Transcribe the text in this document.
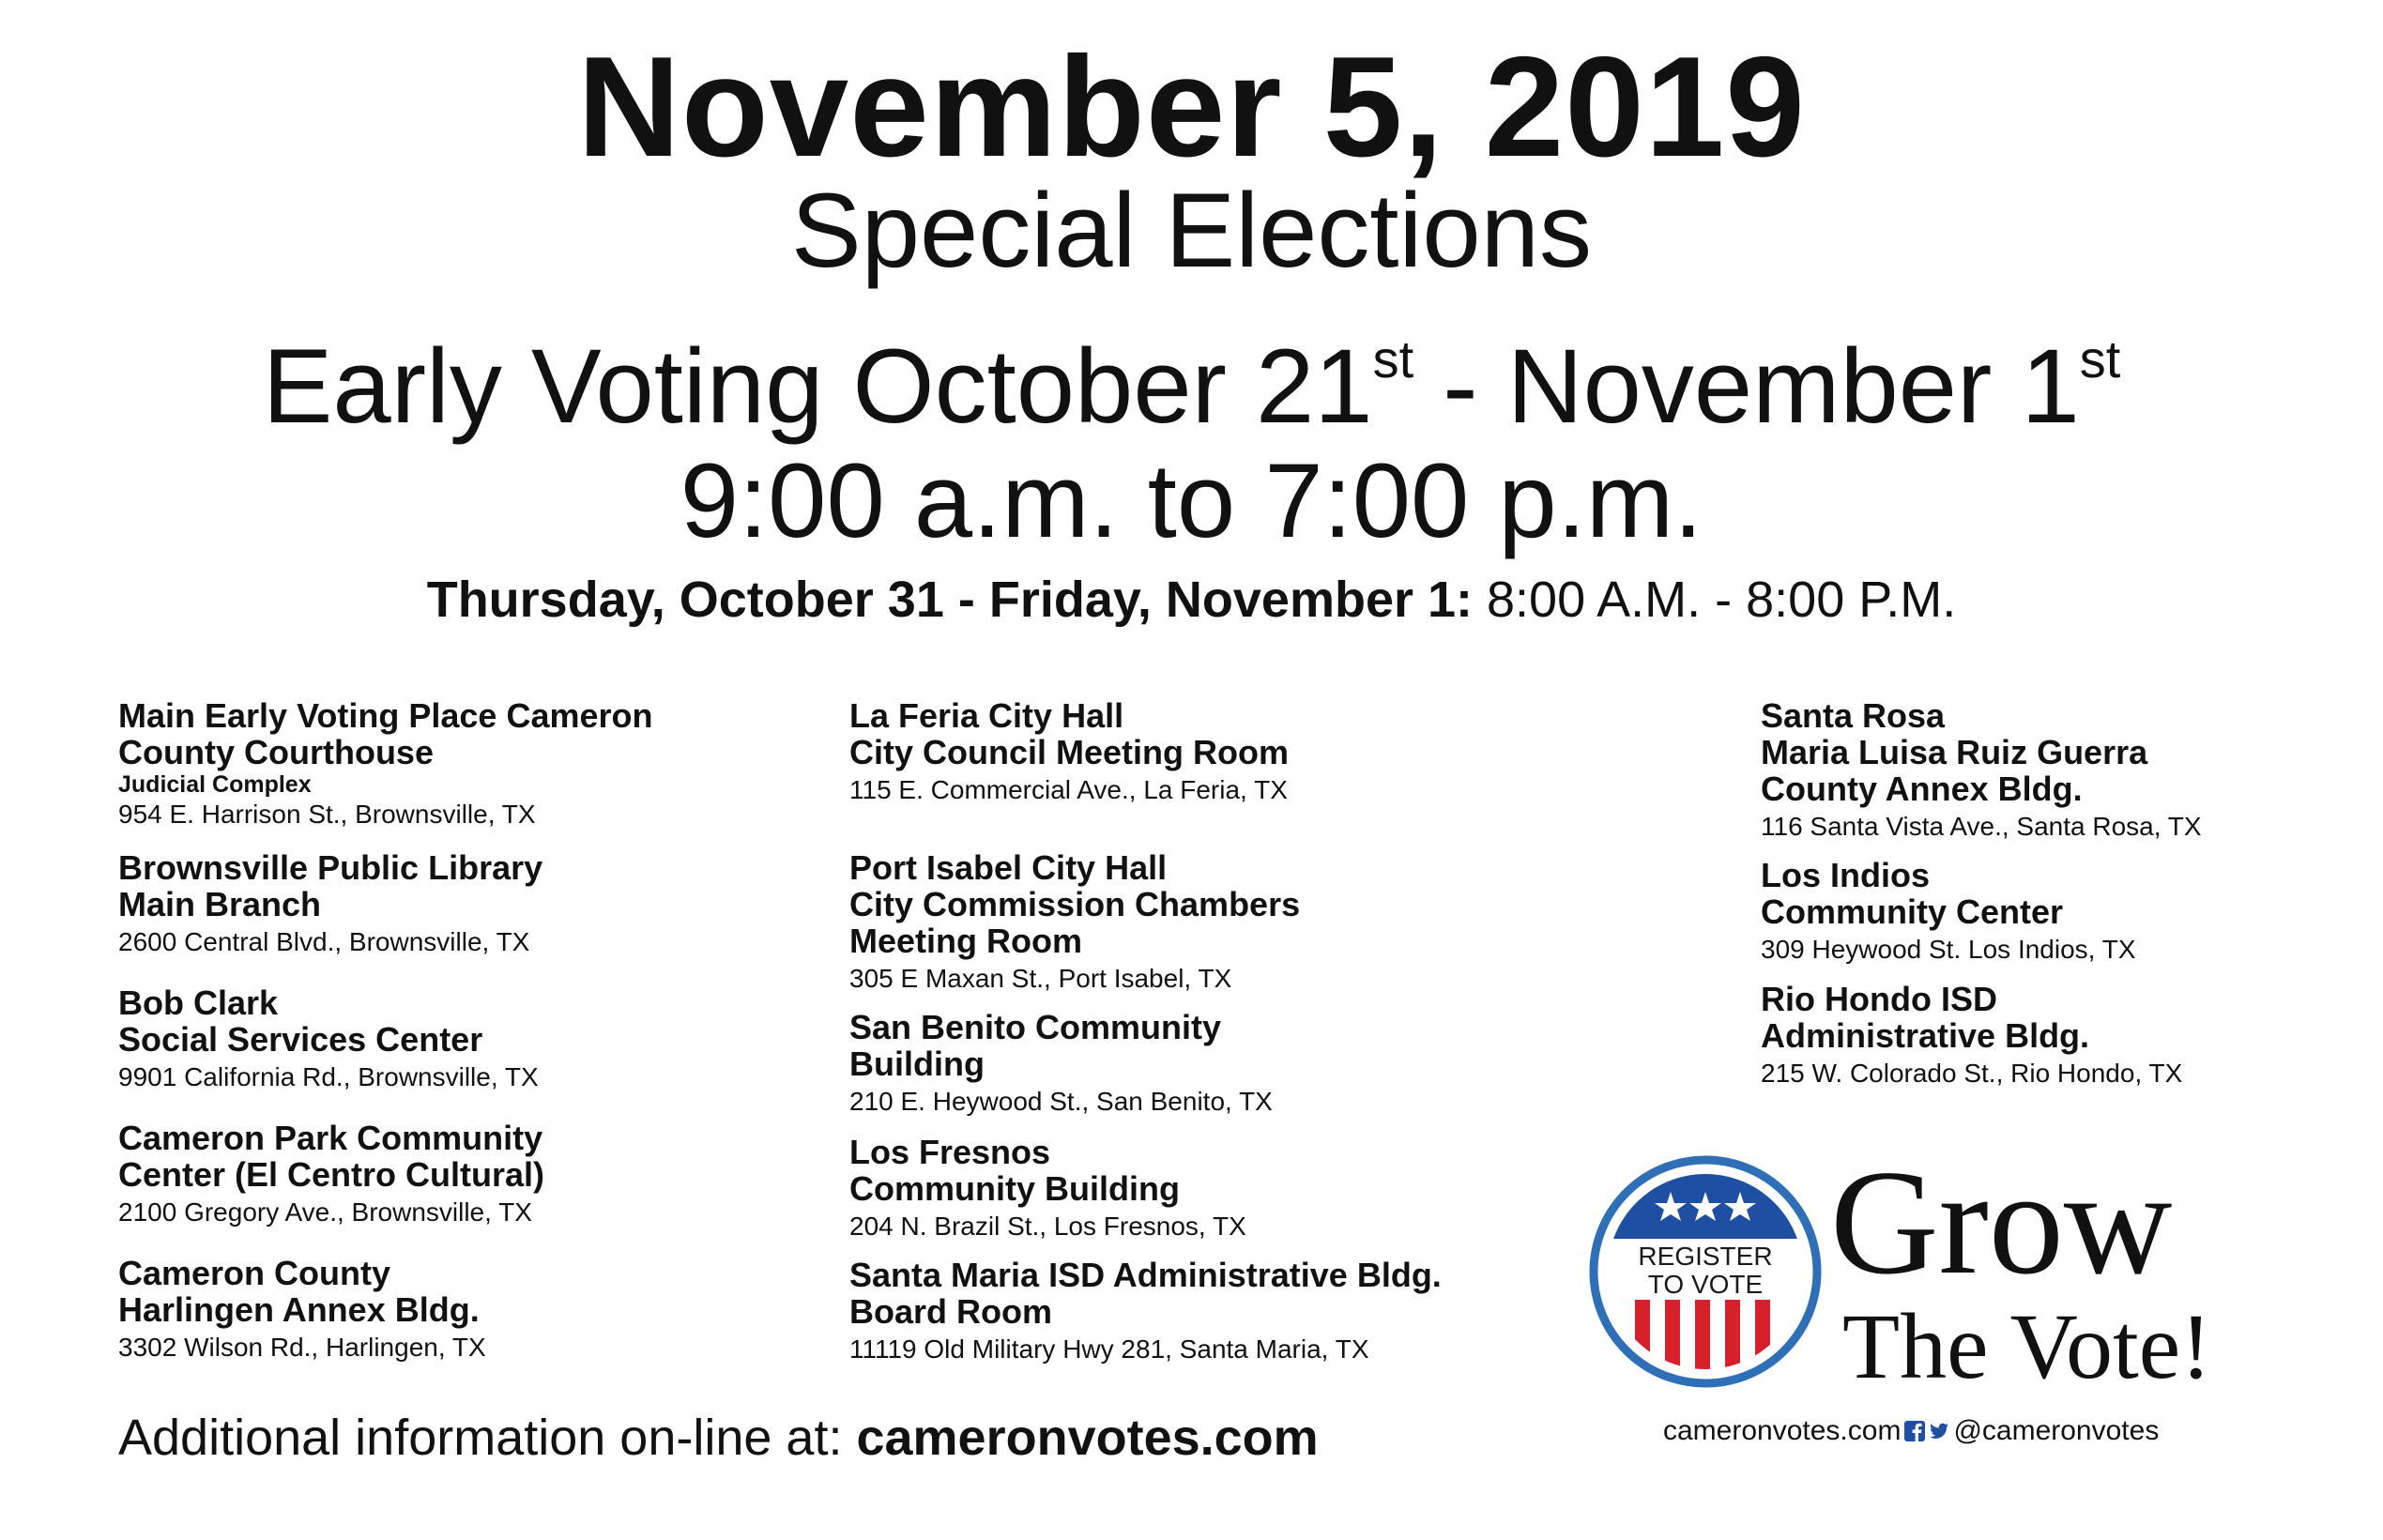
November 5, 2019
Special Elections
Early Voting October 21st - November 1st
9:00 a.m. to 7:00 p.m.
Thursday, October 31 - Friday, November 1: 8:00 A.M. - 8:00 P.M.
Main Early Voting Place Cameron
County Courthouse
Judicial Complex
954 E. Harrison St., Brownsville, TX
Brownsville Public Library
Main Branch
2600 Central Blvd., Brownsville, TX
Bob Clark
Social Services Center
9901 California Rd., Brownsville, TX
Cameron Park Community
Center (El Centro Cultural)
2100 Gregory Ave., Brownsville, TX
Cameron County
Harlingen Annex Bldg.
3302 Wilson Rd., Harlingen, TX
La Feria City Hall
City Council Meeting Room
115 E. Commercial Ave., La Feria, TX
Port Isabel City Hall
City Commission Chambers
Meeting Room
305 E Maxan St., Port Isabel, TX
San Benito Community
Building
210 E. Heywood St., San Benito, TX
Los Fresnos
Community Building
204 N. Brazil St., Los Fresnos, TX
Santa Maria ISD Administrative Bldg.
Board Room
11119 Old Military Hwy 281, Santa Maria, TX
Santa Rosa
Maria Luisa Ruiz Guerra
County Annex Bldg.
116 Santa Vista Ave., Santa Rosa, TX
Los Indios
Community Center
309 Heywood St. Los Indios, TX
Rio Hondo ISD
Administrative Bldg.
215 W. Colorado St., Rio Hondo, TX
Additional information on-line at: cameronvotes.com
REGISTER
TO VOTE Grow
The Vote!
cameronvotes.com @cameronvotes
